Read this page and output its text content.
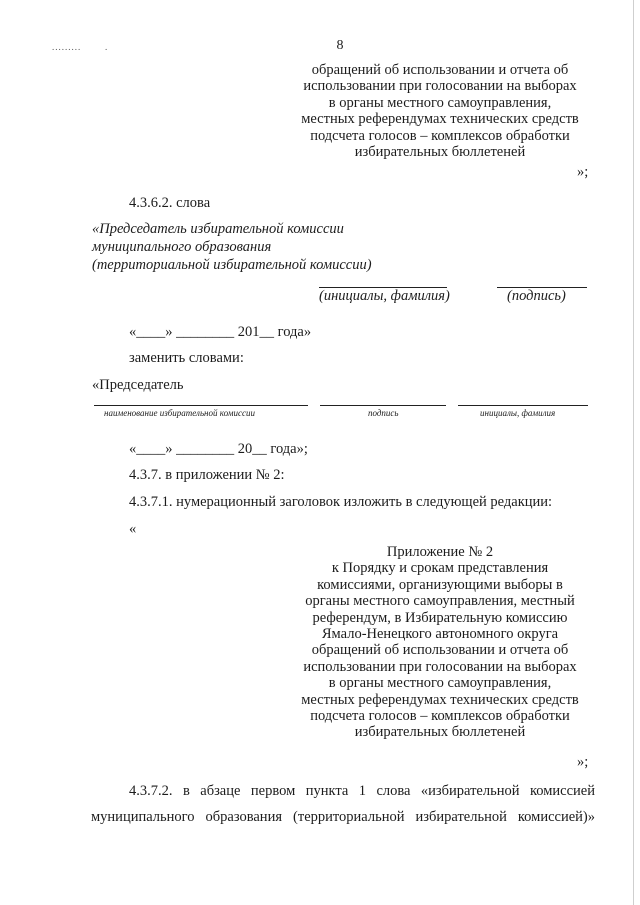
.........	.	8
обращений об использовании и отчета об
использовании при голосовании на выборах
в органы местного самоуправления,
местных референдумах технических средств
подсчета голосов – комплексов обработки
избирательных бюллетеней
»;
4.3.6.2. слова
«Председатель избирательной комиссии
муниципального образования
(территориальной избирательной комиссии)
(инициалы, фамилия)	(подпись)
«____» ________ 201__ года»
заменить словами:
«Председатель
наименование избирательной комиссии	подпись	инициалы, фамилия
«____» ________ 20__ года»;
4.3.7. в приложении № 2:
4.3.7.1. нумерационный заголовок изложить в следующей редакции:
«
Приложение № 2
к Порядку и срокам представления
комиссиями, организующими выборы в
органы местного самоуправления, местный
референдум, в Избирательную комиссию
Ямало-Ненецкого автономного округа
обращений об использовании и отчета об
использовании при голосовании на выборах
в органы местного самоуправления,
местных референдумах технических средств
подсчета голосов – комплексов обработки
избирательных бюллетеней
»;
4.3.7.2. в абзаце первом пункта 1 слова «избирательной комиссией
муниципального образования (территориальной избирательной комиссией)»
